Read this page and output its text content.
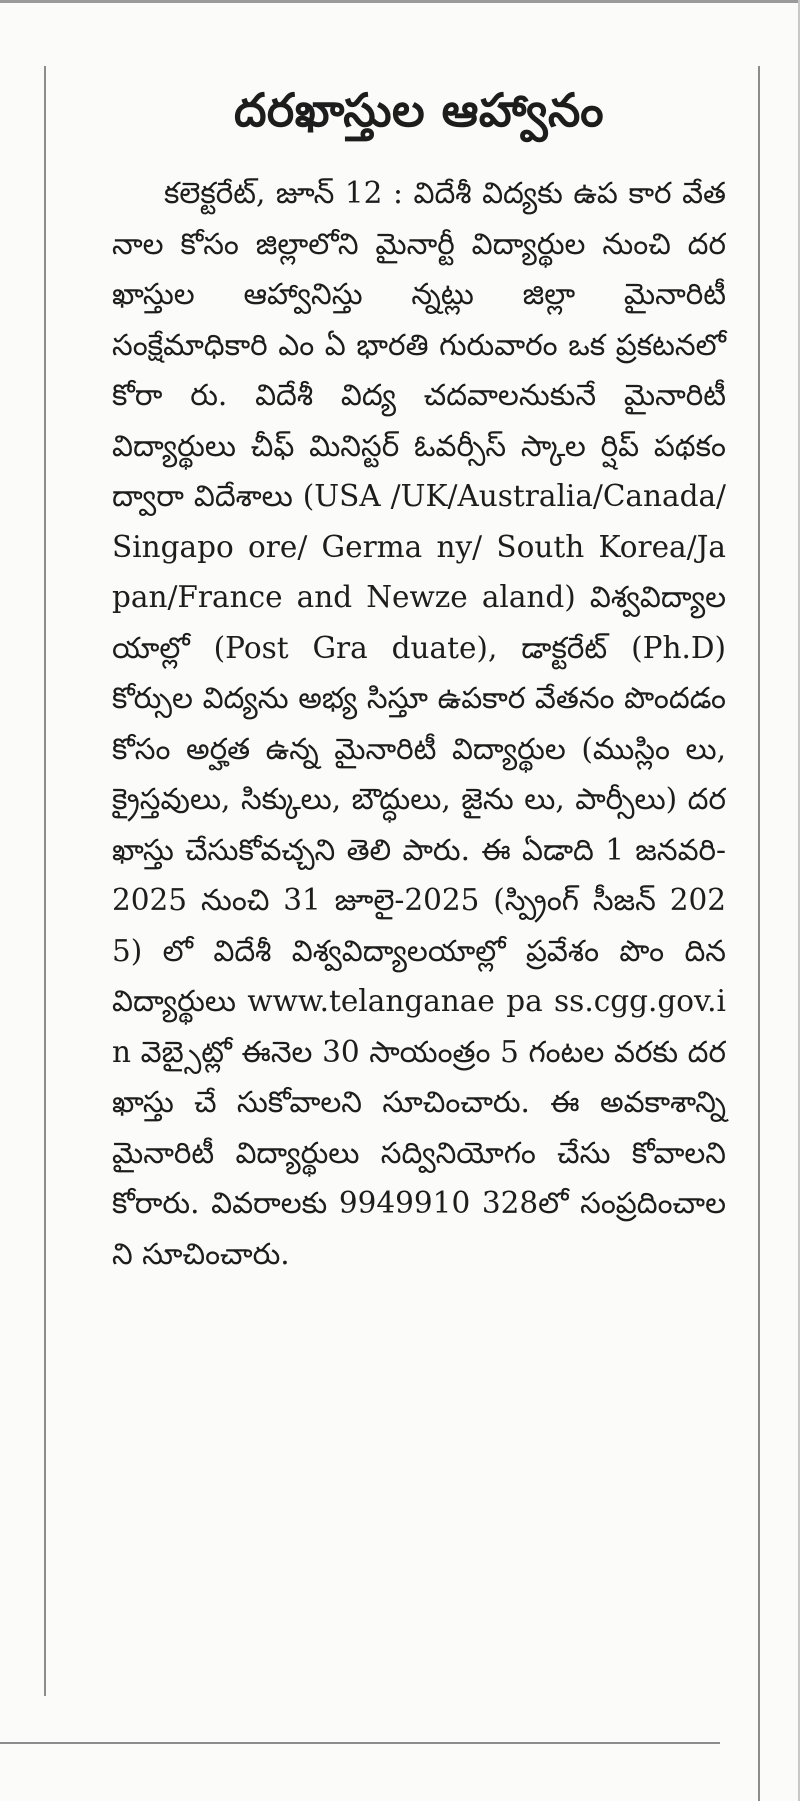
దరఖాస్తుల ఆహ్వానం

కలెక్టరేట్, జూన్ 12 : విదేశీ విద్యకు ఉప కార వేతనాల కోసం జిల్లాలోని మైనార్టీ విద్యార్థుల నుంచి దరఖాస్తుల ఆహ్వానిస్తు న్నట్లు జిల్లా మైనారిటీ సంక్షేమాధికారి ఎం ఏ భారతి గురువారం ఒక ప్రకటనలో కోరా రు. విదేశీ విద్య చదవాలనుకునే మైనారిటీ విద్యార్థులు చీఫ్ మినిస్టర్ ఓవర్సీస్ స్కాల ర్షిప్ పథకం ద్వారా విదేశాలు (USA /UK/Australia/Canada/Singapo ore/ Germa ny/ South Korea/Ja pan/France and Newze aland) విశ్వవిద్యాలయాల్లో (Post Gra duate), డాక్టరేట్ (Ph.D) కోర్సుల విద్యను అభ్య సిస్తూ ఉపకార వేతనం పొందడం కోసం అర్హత ఉన్న మైనారిటీ విద్యార్థుల (ముస్లిం లు, క్రైస్తవులు, సిక్కులు, బౌద్ధులు, జైను లు, పార్సీలు) దరఖాస్తు చేసుకోవచ్చని తెలి పారు. ఈ ఏడాది 1 జనవరి-2025 నుంచి 31 జూలై-2025 (స్ప్రింగ్ సీజన్ 2025) లో విదేశీ విశ్వవిద్యాలయాల్లో ప్రవేశం పొం దిన విద్యార్థులు www.telanganae pa ss.cgg.gov.in వెబ్సైట్లో ఈనెల 30 సాయంత్రం 5 గంటల వరకు దరఖాస్తు చే సుకోవాలని సూచించారు. ఈ అవకాశాన్ని మైనారిటీ విద్యార్థులు సద్వినియోగం చేసు కోవాలని కోరారు. వివరాలకు 9949910 328లో సంప్రదించాలని సూచించారు.
